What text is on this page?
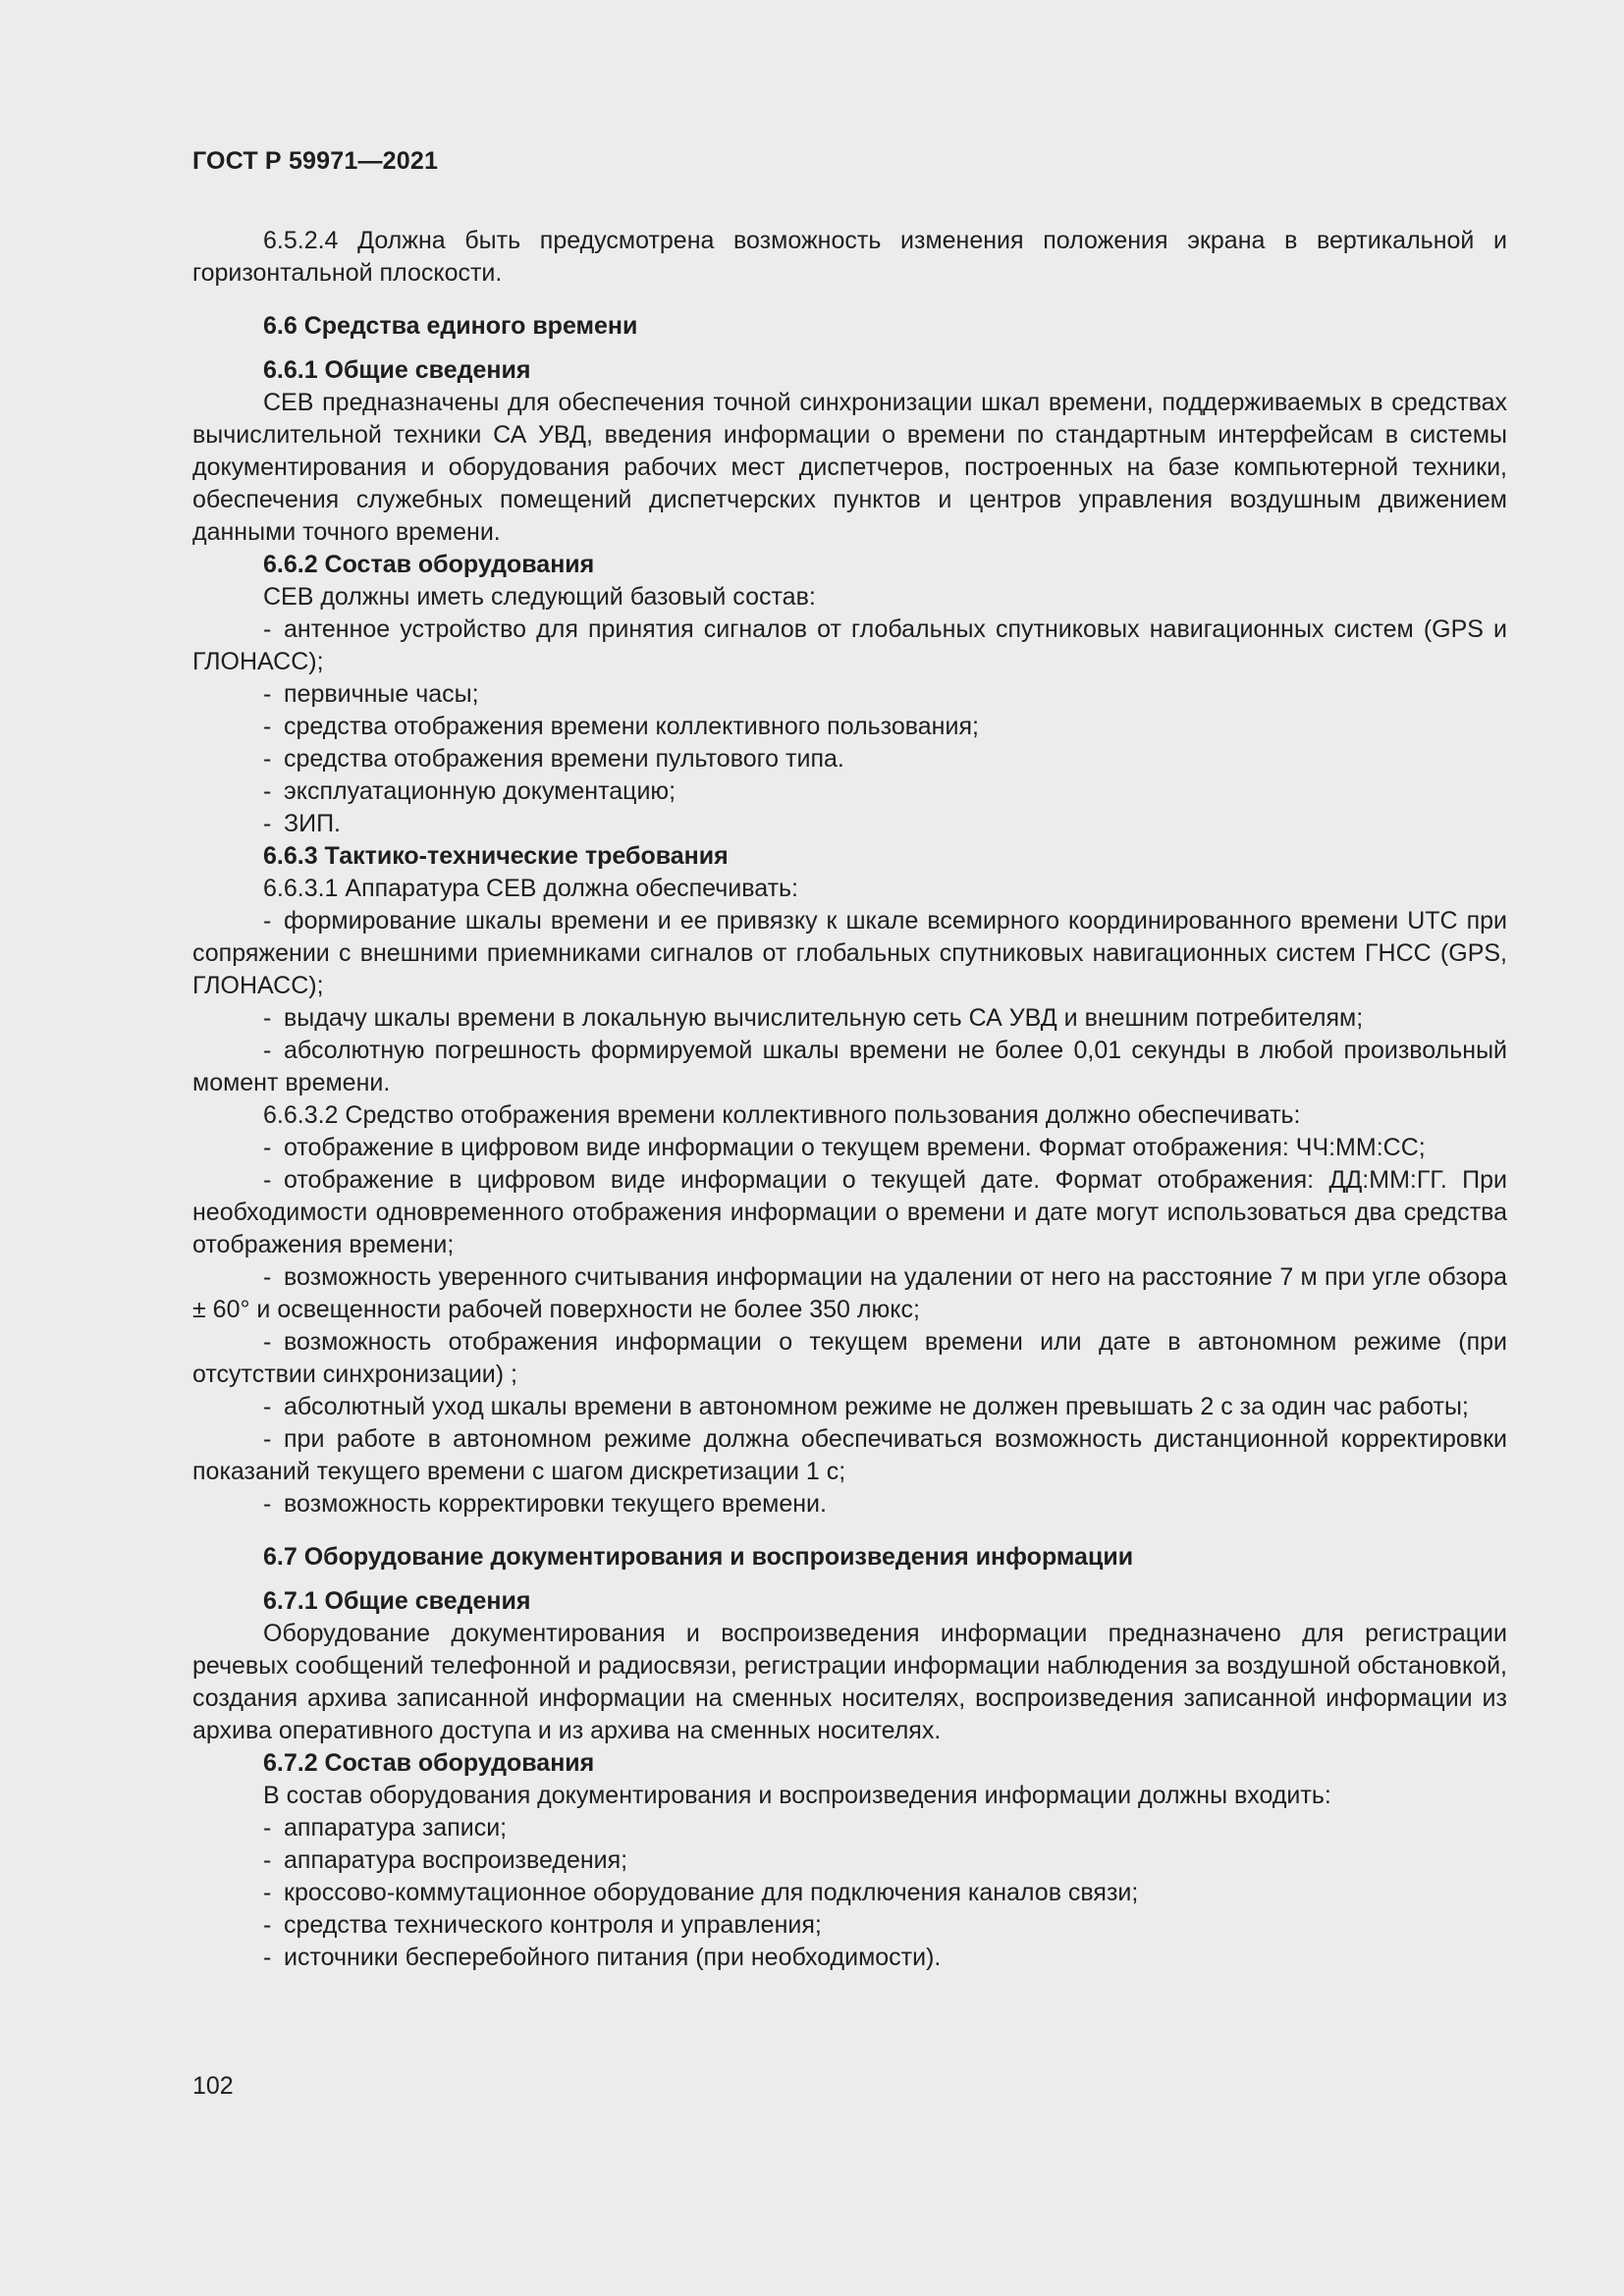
ГОСТ Р 59971—2021

6.5.2.4 Должна быть предусмотрена возможность изменения положения экрана в вертикальной и горизонтальной плоскости.

6.6 Средства единого времени

6.6.1 Общие сведения

СЕВ предназначены для обеспечения точной синхронизации шкал времени, поддерживаемых в средствах вычислительной техники СА УВД, введения информации о времени по стандартным интерфейсам в системы документирования и оборудования рабочих мест диспетчеров, построенных на базе компьютерной техники, обеспечения служебных помещений диспетчерских пунктов и центров управления воздушным движением данными точного времени.

6.6.2 Состав оборудования

СЕВ должны иметь следующий базовый состав:

- антенное устройство для принятия сигналов от глобальных спутниковых навигационных систем (GPS и ГЛОНАСС);

- первичные часы;

- средства отображения времени коллективного пользования;

- средства отображения времени пультового типа.

- эксплуатационную документацию;

- ЗИП.

6.6.3 Тактико-технические требования

6.6.3.1 Аппаратура СЕВ должна обеспечивать:

- формирование шкалы времени и ее привязку к шкале всемирного координированного времени UTC при сопряжении с внешними приемниками сигналов от глобальных спутниковых навигационных систем ГНСС (GPS, ГЛОНАСС);

- выдачу шкалы времени в локальную вычислительную сеть СА УВД и внешним потребителям;

- абсолютную погрешность формируемой шкалы времени не более 0,01 секунды в любой произвольный момент времени.

6.6.3.2 Средство отображения времени коллективного пользования должно обеспечивать:

- отображение в цифровом виде информации о текущем времени. Формат отображения: ЧЧ:ММ:СС;

- отображение в цифровом виде информации о текущей дате. Формат отображения: ДД:ММ:ГГ. При необходимости одновременного отображения информации о времени и дате могут использоваться два средства отображения времени;

- возможность уверенного считывания информации на удалении от него на расстояние 7 м при угле обзора ± 60° и освещенности рабочей поверхности не более 350 люкс;

- возможность отображения информации о текущем времени или дате в автономном режиме (при отсутствии синхронизации) ;

- абсолютный уход шкалы времени в автономном режиме не должен превышать 2 с за один час работы;

- при работе в автономном режиме должна обеспечиваться возможность дистанционной корректировки показаний текущего времени с шагом дискретизации 1 с;

- возможность корректировки текущего времени.

6.7 Оборудование документирования и воспроизведения информации

6.7.1 Общие сведения

Оборудование документирования и воспроизведения информации предназначено для регистрации речевых сообщений телефонной и радиосвязи, регистрации информации наблюдения за воздушной обстановкой, создания архива записанной информации на сменных носителях, воспроизведения записанной информации из архива оперативного доступа и из архива на сменных носителях.

6.7.2 Состав оборудования

В состав оборудования документирования и воспроизведения информации должны входить:

- аппаратура записи;

- аппаратура воспроизведения;

- кроссово-коммутационное оборудование для подключения каналов связи;

- средства технического контроля и управления;

- источники бесперебойного питания (при необходимости).

102
